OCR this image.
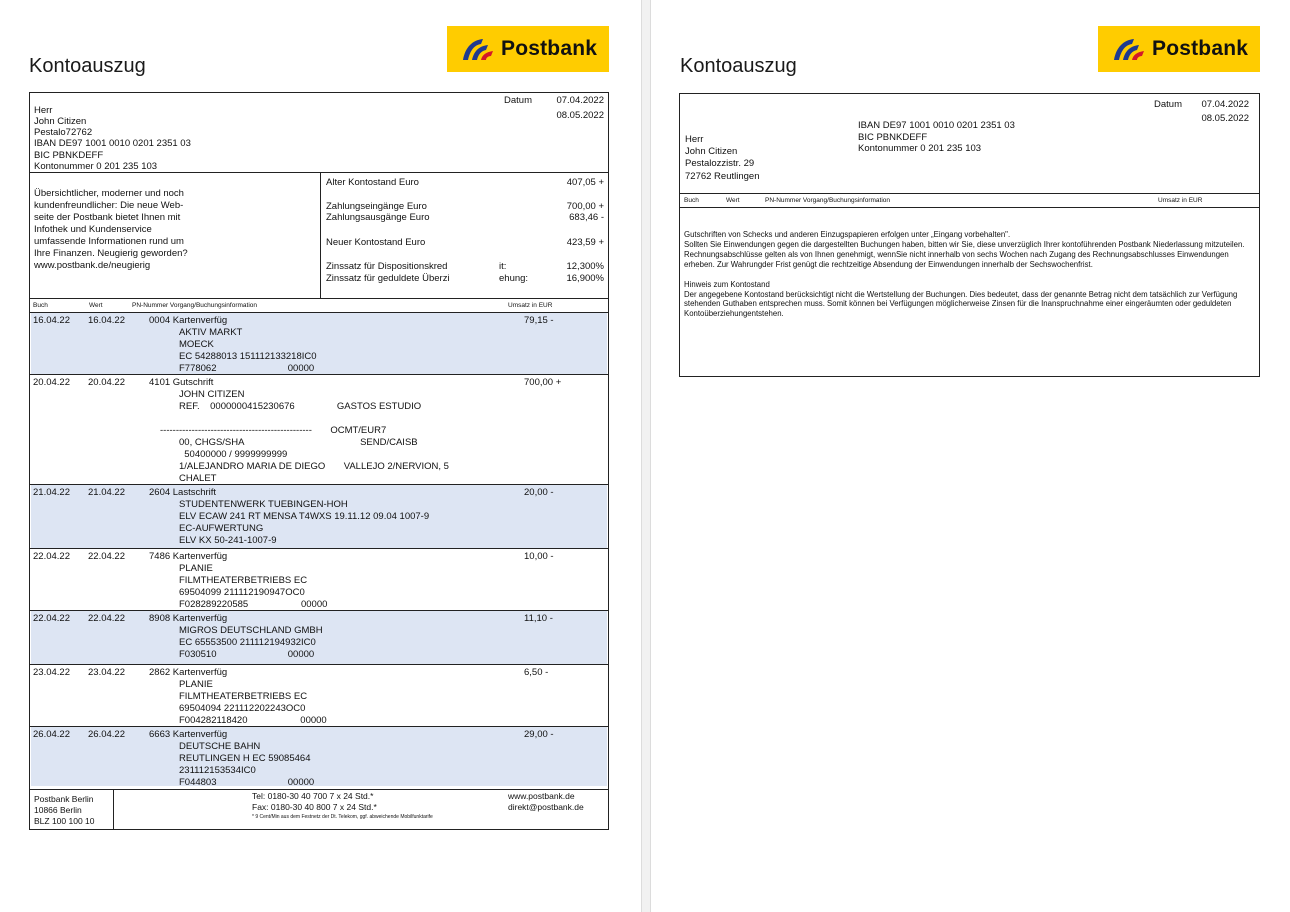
Kontoauszug
Postbank
Herr
John Citizen
Pestalo72762
IBAN DE97 1001 0010 0201 2351 03
BIC PBNKDEFF
Kontonummer 0 201 235 103
Datum	07.04.2022
08.05.2022
Übersichtlicher, moderner und noch
kundenfreundlicher: Die neue Web-
seite der Postbank bietet Ihnen mit
Infothek und Kundenservice
umfassende Informationen rund um
Ihre Finanzen. Neugierig geworden?
www.postbank.de/neugierig
Alter Kontostand Euro	407,05 +
Zahlungseingänge Euro	700,00 +
Zahlungsausgänge Euro	683,46 -
Neuer Kontostand Euro	423,59 +
Zinssatz für Dispositionskred	it:	12,300%
Zinssatz für geduldete Überzi	ehung:	16,900%
Buch	Wert	PN-Nummer Vorgang/Buchungsinformation	Umsatz in EUR
16.04.22 16.04.22	0004 Kartenverfüg	79,15 -
AKTIV MARKT
MOECK
EC 54288013 151112133218IC0
F778062                           00000
20.04.22 20.04.22	4101 Gutschrift	700,00 +
JOHN CITIZEN
REF.    0000000415230676                GASTOS ESTUDIO
------------------------------------------------       OCMT/EUR7
00, CHGS/SHA                                            SEND/CAISB
50400000 / 9999999999
1/ALEJANDRO MARIA DE DIEGO       VALLEJO 2/NERVION, 5
CHALET
21.04.22 21.04.22	2604 Lastschrift	20,00 -
STUDENTENWERK TUEBINGEN-HOH
ELV ECAW 241 RT MENSA T4WXS 19.11.12 09.04 1007-9
EC-AUFWERTUNG
ELV KX 50-241-1007-9
22.04.22 22.04.22	7486 Kartenverfüg	10,00 -
PLANIE
FILMTHEATERBETRIEBS EC
69504099 211112190947OC0
F028289220585                    00000
22.04.22 22.04.22	8908 Kartenverfüg	11,10 -
MIGROS DEUTSCHLAND GMBH
EC 65553500 211112194932IC0
F030510                           00000
23.04.22 23.04.22	2862 Kartenverfüg	6,50 -
PLANIE
FILMTHEATERBETRIEBS EC
69504094 221112202243OC0
F004282118420                    00000
26.04.22 26.04.22	6663 Kartenverfüg	29,00 -
DEUTSCHE BAHN
REUTLINGEN H EC 59085464
231112153534IC0
F044803                           00000
Postbank Berlin
10866 Berlin
BLZ 100 100 10
Tel: 0180-30 40 700 7 x 24 Std.*
Fax: 0180-30 40 800 7 x 24 Std.*
* 9 Cent/Min aus dem Festnetz der Dt. Telekom, ggf. abweichende Mobilfunktarife
www.postbank.de
direkt@postbank.de
Kontoauszug
Postbank
Datum 07.04.2022
08.05.2022
IBAN DE97 1001 0010 0201 2351 03
BIC PBNKDEFF
Kontonummer 0 201 235 103
Herr
John Citizen
Pestalozzistr. 29
72762 Reutlingen
Buch	Wert	PN-Nummer Vorgang/Buchungsinformation	Umsatz in EUR
Gutschriften von Schecks und anderen Einzugspapieren erfolgen unter „Eingang vorbehalten".
Sollten Sie Einwendungen gegen die dargestellten Buchungen haben, bitten wir Sie, diese unverzüglich Ihrer kontoführenden Postbank Niederlassung mitzuteilen. Rechnungsabschlüsse gelten als von Ihnen genehmigt, wennSie nicht innerhalb von sechs Wochen nach Zugang des Rechnungsabschlusses Einwendungen erheben. Zur Wahrungder Frist genügt die rechtzeitige Absendung der Einwendungen innerhalb der Sechswochenfrist.
Hinweis zum Kontostand
Der angegebene Kontostand berücksichtigt nicht die Wertstellung der Buchungen. Dies bedeutet, dass der genannte Betrag nicht dem tatsächlich zur Verfügung stehenden Guthaben entsprechen muss. Somit können bei Verfügungen möglicherweise Zinsen für die Inanspruchnahme einer eingeräumten oder geduldeten Kontoüberziehungentstehen.
